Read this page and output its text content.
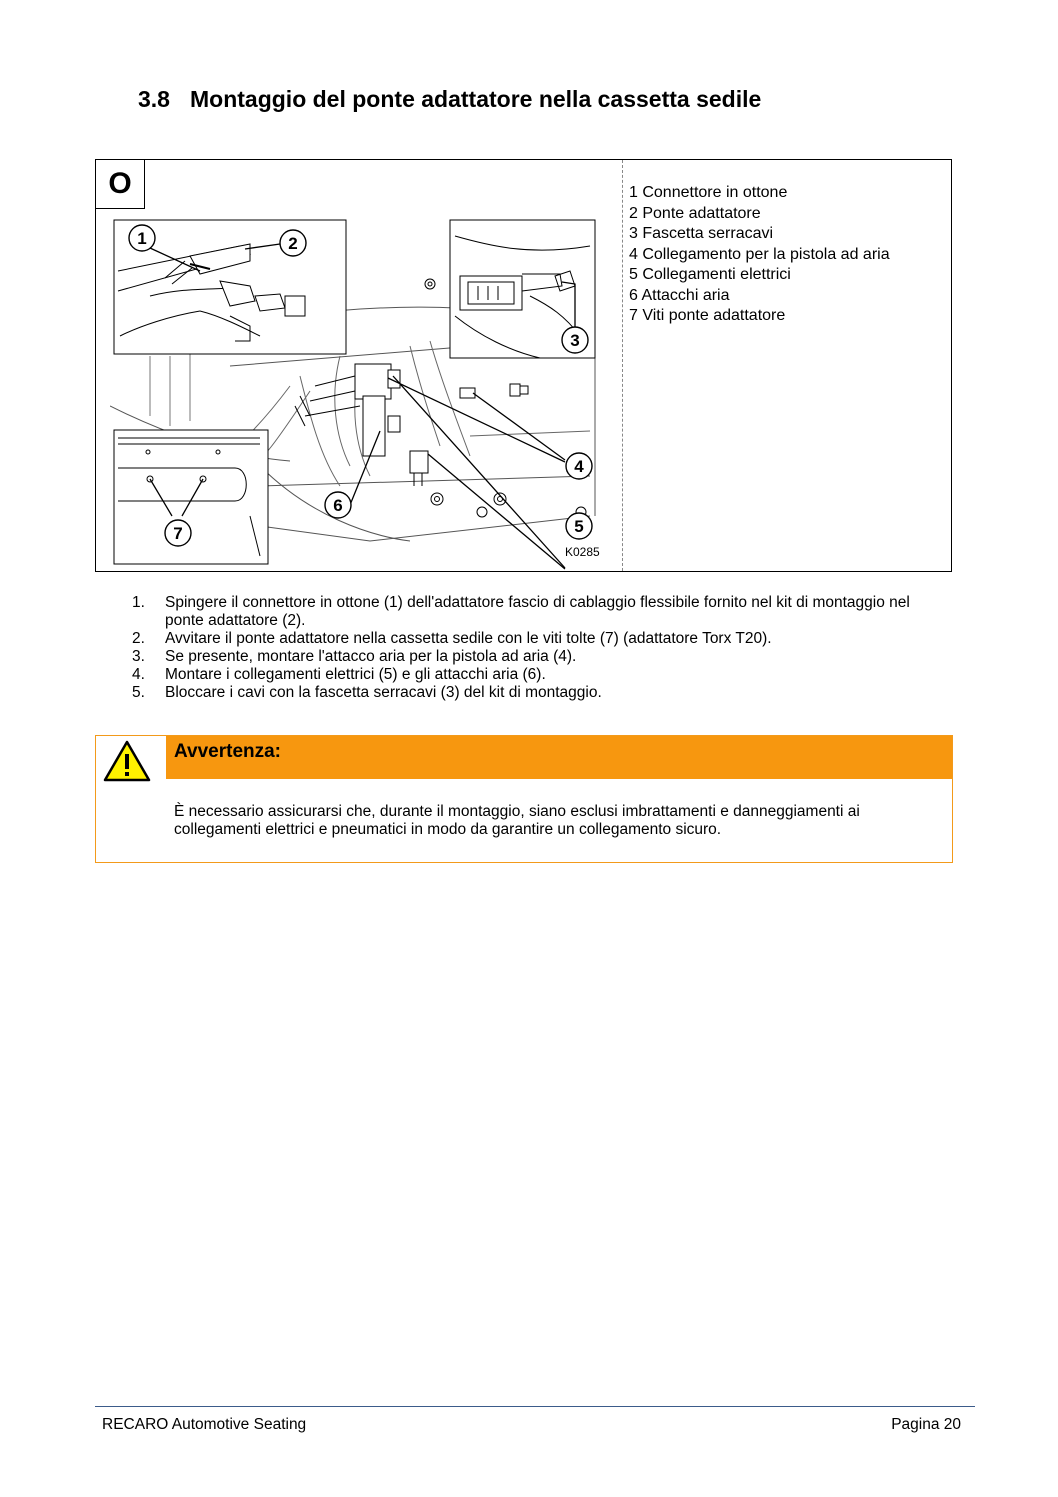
3.8 Montaggio del ponte adattatore nella cassetta sedile
O
1	2
3
4
5
6
7
K0285
1 Connettore in ottone
2 Ponte adattatore
3 Fascetta serracavi
4 Collegamento per la pistola ad aria
5 Collegamenti elettrici
6 Attacchi aria
7 Viti ponte adattatore
1.	Spingere il connettore in ottone (1) dell'adattatore fascio di cablaggio flessibile fornito nel kit di montaggio nel ponte adattatore (2).
2.	Avvitare il ponte adattatore nella cassetta sedile con le viti tolte (7) (adattatore Torx T20).
3.	Se presente, montare l'attacco aria per la pistola ad aria (4).
4.	Montare i collegamenti elettrici (5) e gli attacchi aria (6).
5.	Bloccare i cavi con la fascetta serracavi (3) del kit di montaggio.
Avvertenza:
È necessario assicurarsi che, durante il montaggio, siano esclusi imbrattamenti e danneggiamenti ai collegamenti elettrici e pneumatici in modo da garantire un collegamento sicuro.
RECARO Automotive Seating	Pagina 20
